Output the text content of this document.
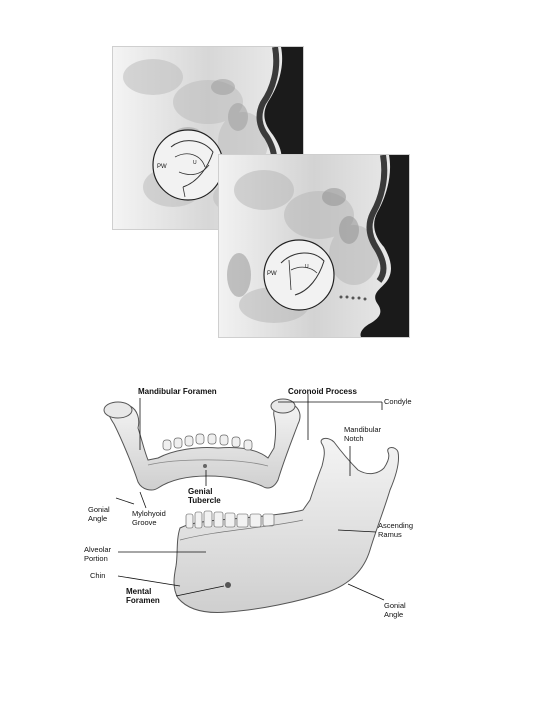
PW
U
PW
U
Mandibular Foramen	Coronoid Process
Condyle
Mandibular
Notch
Gonial
Angle	Mylohyoid
Groove
Genial
Tubercle
Ascending
Ramus
Alveolar
Portion
Chin
Mental
Foramen
Gonial
Angle
